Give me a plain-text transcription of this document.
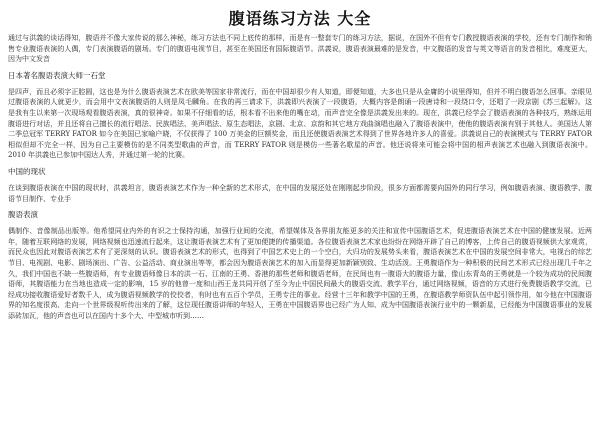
腹语练习方法 大全

通过与洪義的谈话得知，腹语并不像大家传说的那么神秘，练习方法也不同上底传的那样，而是有一整套专门的练习方法，据说，在国外不但有专门教授腹语表演的学校，还有专门制作和销售专业腹语表演的人偶，专门表演腹语的剧场。专门的腹语电视节目，甚至在美国还有国际腹语节。洪義说，腹语表演最难的是发音，中文腹语的发音与英文等语言的发音相比，难度更大，因为中文发音

日本著名腹语表演大师一石堂

是四声，而且必须字正腔圆，这也是为什么腹语表演艺术在欧美等国家非常流行，而在中国却很少有人知道，即便知道，大多也只是从金庸的小说里得知，但并不明白腹语怎么回事。亲眼见过腹语表演的人就更少，而会用中文表演腹语的人则是凤毛麟角。在我的再三请求下，洪義即兴表演了一段腹语，大概内容是朗诵一段唐诗和一段绕口令，还唱了一段京剧《苏三起解》。这是我有生以来第一次现场观看腹语表演，真的很神奇。如果不仔细看的话，根本看不出来他的嘴在动，而声音完全像是洪義发出来的。现在，洪義已经学会了腹语表演的各种技巧，熟练运用腹语进行对话，并且还将自己擅长的流行唱法、民族唱法、美声唱法、原生态唱法，京剧、北京、京韵和其它地方戏曲演唱也融入了腹语表演中，使他的腹语表演有别于其他人。美国达人第二季总冠军 TERRY FATOR 如今在美国已家喻户晓，不仅获得了 100 万美金的巨额奖金，而且还使腹语表演艺术得到了世界各地许多人的喜爱。洪義说自己的表演模式与 TERRY FATOR 相似但却不完全一样，因为自己主要模仿的是不同类型歌曲的声音，而 TERRY FATOR 则是模仿一些著名歌星的声音。他还说将来可能会将中国的相声表演艺术也融入到腹语表演中。2010 年洪義也已参加中国达人秀，并通过第一轮的比赛。

中国的现状

在谈到腹语表演在中国的现状时，洪義坦言，腹语表演艺术作为一种全新的艺术形式，在中国的发展还处在刚刚起步阶段，很多方面都需要向国外的同行学习，例如腹语表演、腹语教学、腹语节目制作、专业手

腹语表演

偶制作、音像制品出版等。他希望同业内外的有识之士保持沟通，加强行业间的交流，希望媒体及各界朋友能更多的关注和宣传中国腹语艺术，促进腹语表演艺术在中国的健康发展。近两年，随着互联网络的发展，网络视频也迅速流行起来，这让腹语表演艺术有了更加便捷的传播渠道。各位腹语表演艺术家也纷纷在网络开辟了自己的博客，上传自己的腹语视频供大家观赏，而民众也因此对腹语表演艺术有了更深刻的认识。腹语表演艺术的形式，也得到了中国艺术史上的一个空白，大归功的发展势头来看，腹语表演艺术在中国的发展空间非常大，电视台的综艺节目、电视剧、电影、剧场演出、广告、公益活动、商业演出等等，都会因为腹语表演艺术的加入而显得更加新颖别致、生动活泼。王勇腹语作为一种积极的民间艺术形式已经出现几千年之久，我们中国也不缺一些腹语师，有专业腹语师像日本的洪一石、江南的王勇、香港的那些老师和腹语老师，在民间也有一腹语大的腹语力量，像山东青岛的王勇就是一个较为成功的民间腹语师，其腹语能力在当地也造成一定的影响，15 岁的他曾一度和山西王龙共同开创了至今为止中国民间最大的腹语交流、教学平台，通过网络视频，语音的方式进行免费腹语教学交流，已经成功接收腹语爱好者数千人，成为腹语视频教学的佼佼者，有时也有五百个学员，王勇专注的事业。经营十三年和教学中国的王勇，在腹语教学师资队伍中起引领作用，如今他在中国腹语界的知名度很高、走向一个世界级视听传出来的了解，这位现任腹语讲师的年轻人，王勇在中国腹语界也已经广为人知、成为中国腹语表演行业中的一颗新星，已经能为中国腹语事业的发展添砖加瓦，他的声音也可以在国内十多个大、中型城市听到……
